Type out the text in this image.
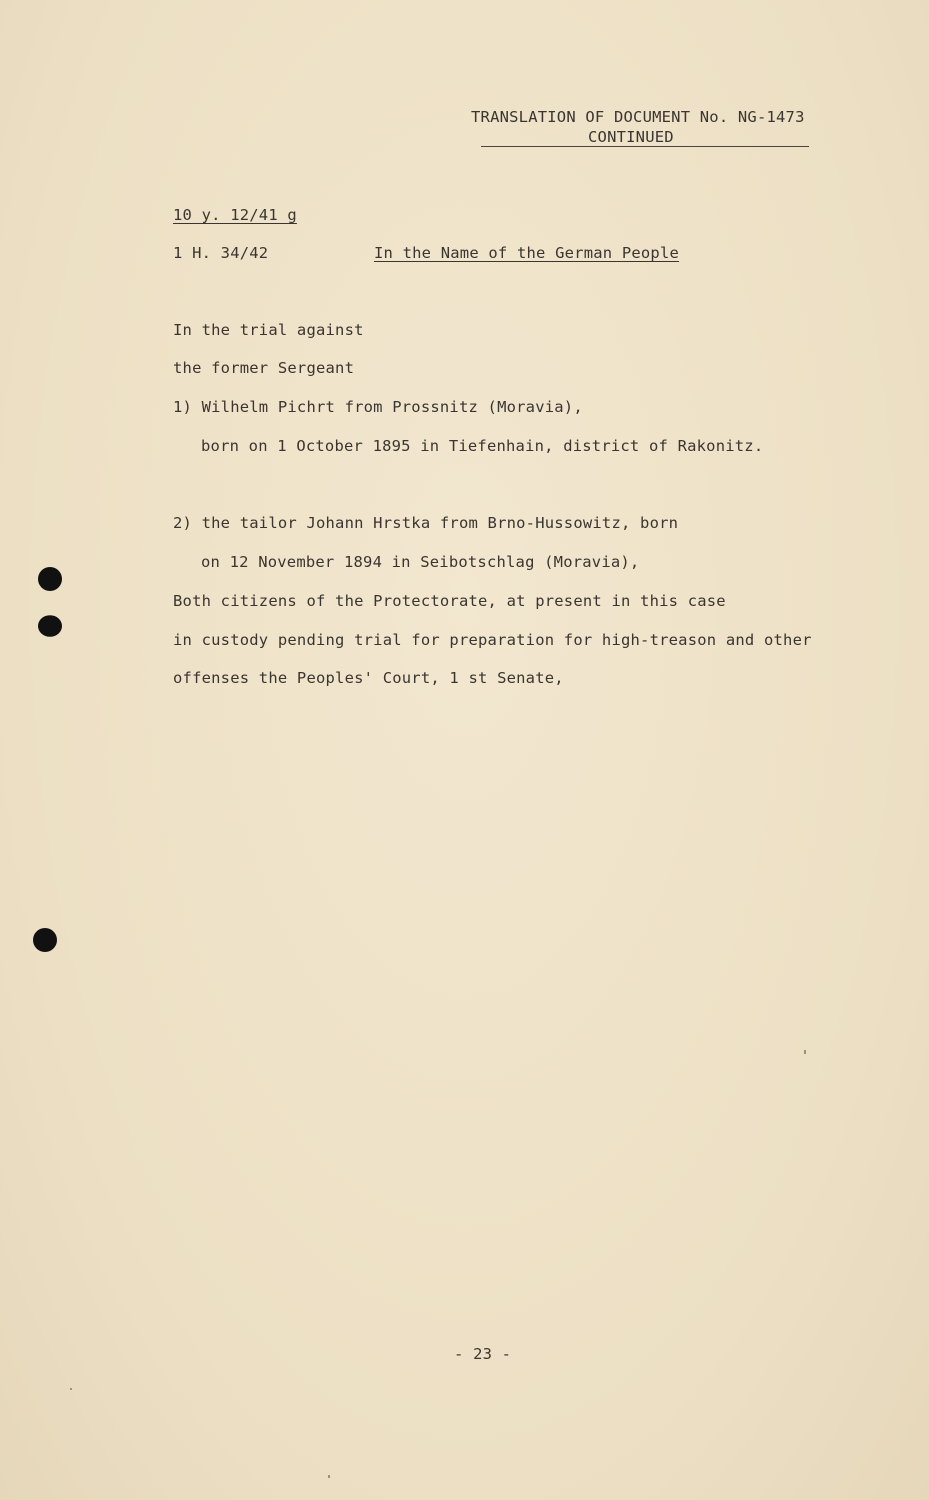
TRANSLATION OF DOCUMENT No. NG-1473
CONTINUED
10 y. 12/41 g
1 H. 34/42	In the Name of the German People
In the trial against
the former Sergeant
1) Wilhelm Pichrt from Prossnitz (Moravia),
born on 1 October 1895 in Tiefenhain, district of Rakonitz.
2) the tailor Johann Hrstka from Brno-Hussowitz, born
on 12 November 1894 in Seibotschlag (Moravia),
Both citizens of the Protectorate, at present in this case
in custody pending trial for preparation for high-treason and other
offenses the Peoples' Court, 1 st Senate,
- 23 -
